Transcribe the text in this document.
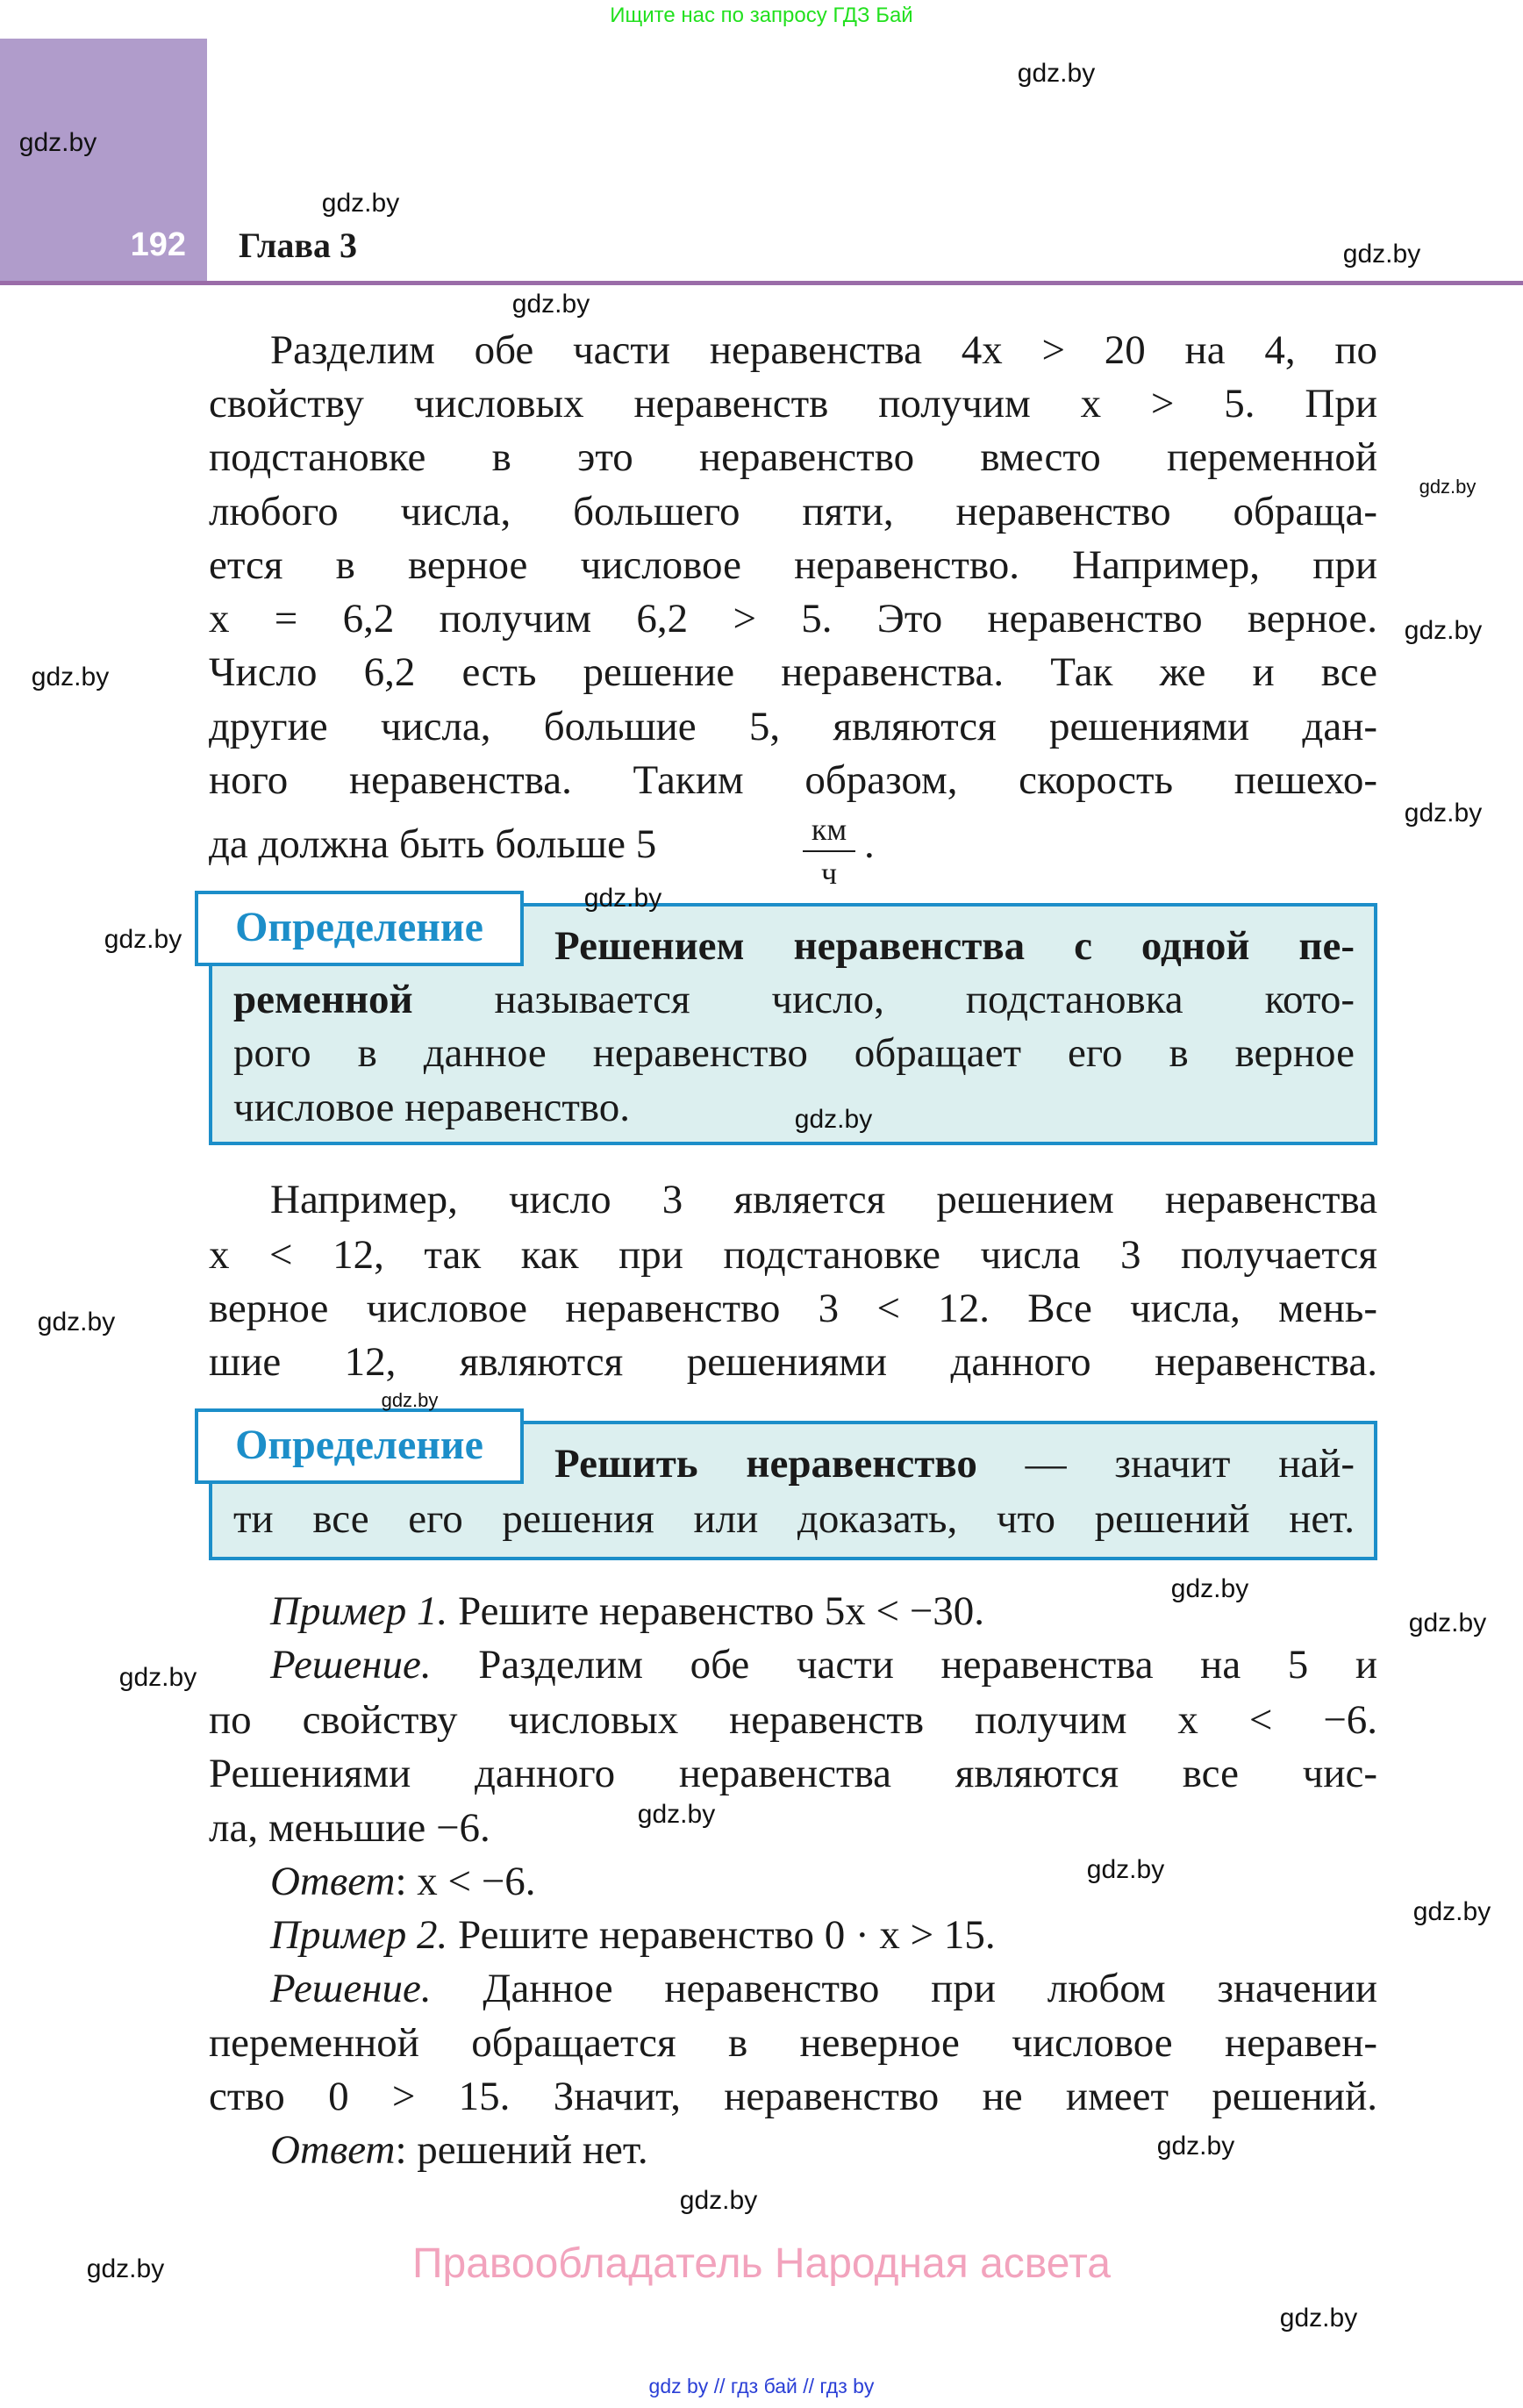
Ищите нас по запросу ГДЗ Бай
192 Глава 3
Разделим обе части неравенства 4x > 20 на 4, по
свойству числовых неравенств получим x > 5. При
подстановке в это неравенство вместо переменной
любого числа, большего пяти, неравенство обраща-
ется в верное числовое неравенство. Например, при
x = 6,2 получим 6,2 > 5. Это неравенство верное.
Число 6,2 есть решение неравенства. Так же и все
другие числа, большие 5, являются решениями дан-
ного неравенства. Таким образом, скорость пешехо-
да должна быть больше 5	км
ч
.
Определение	Решением неравенства с одной пе-
ременной называется число, подстановка кото-
рого в данное неравенство обращает его в верное
числовое неравенство.
Например, число 3 является решением неравенства
x < 12, так как при подстановке числа 3 получается
верное числовое неравенство 3 < 12. Все числа, мень-
шие 12, являются решениями данного неравенства.
Определение	Решить неравенство — значит най-
ти все его решения или доказать, что решений нет.
Пример 1. Решите неравенство 5x < −30.
Решение. Разделим обе части неравенства на 5 и
по свойству числовых неравенств получим x < −6.
Решениями данного неравенства являются все чис-
ла, меньшие −6.
Ответ: x < −6.
Пример 2. Решите неравенство 0 · x > 15.
Решение. Данное неравенство при любом значении
переменной обращается в неверное числовое неравен-
ство 0 > 15. Значит, неравенство не имеет решений.
Ответ: решений нет.
Правообладатель Народная асвета
gdz by // гдз бай // гдз by
gdz.by
gdz.by
gdz.by
gdz.by
gdz.by
gdz.by
gdz.by
gdz.by
gdz.by
gdz.by
gdz.by
gdz.by
gdz.by
gdz.by
gdz.by
gdz.by
gdz.by
gdz.by
gdz.by
gdz.by
gdz.by
gdz.by
gdz.by
gdz.by
